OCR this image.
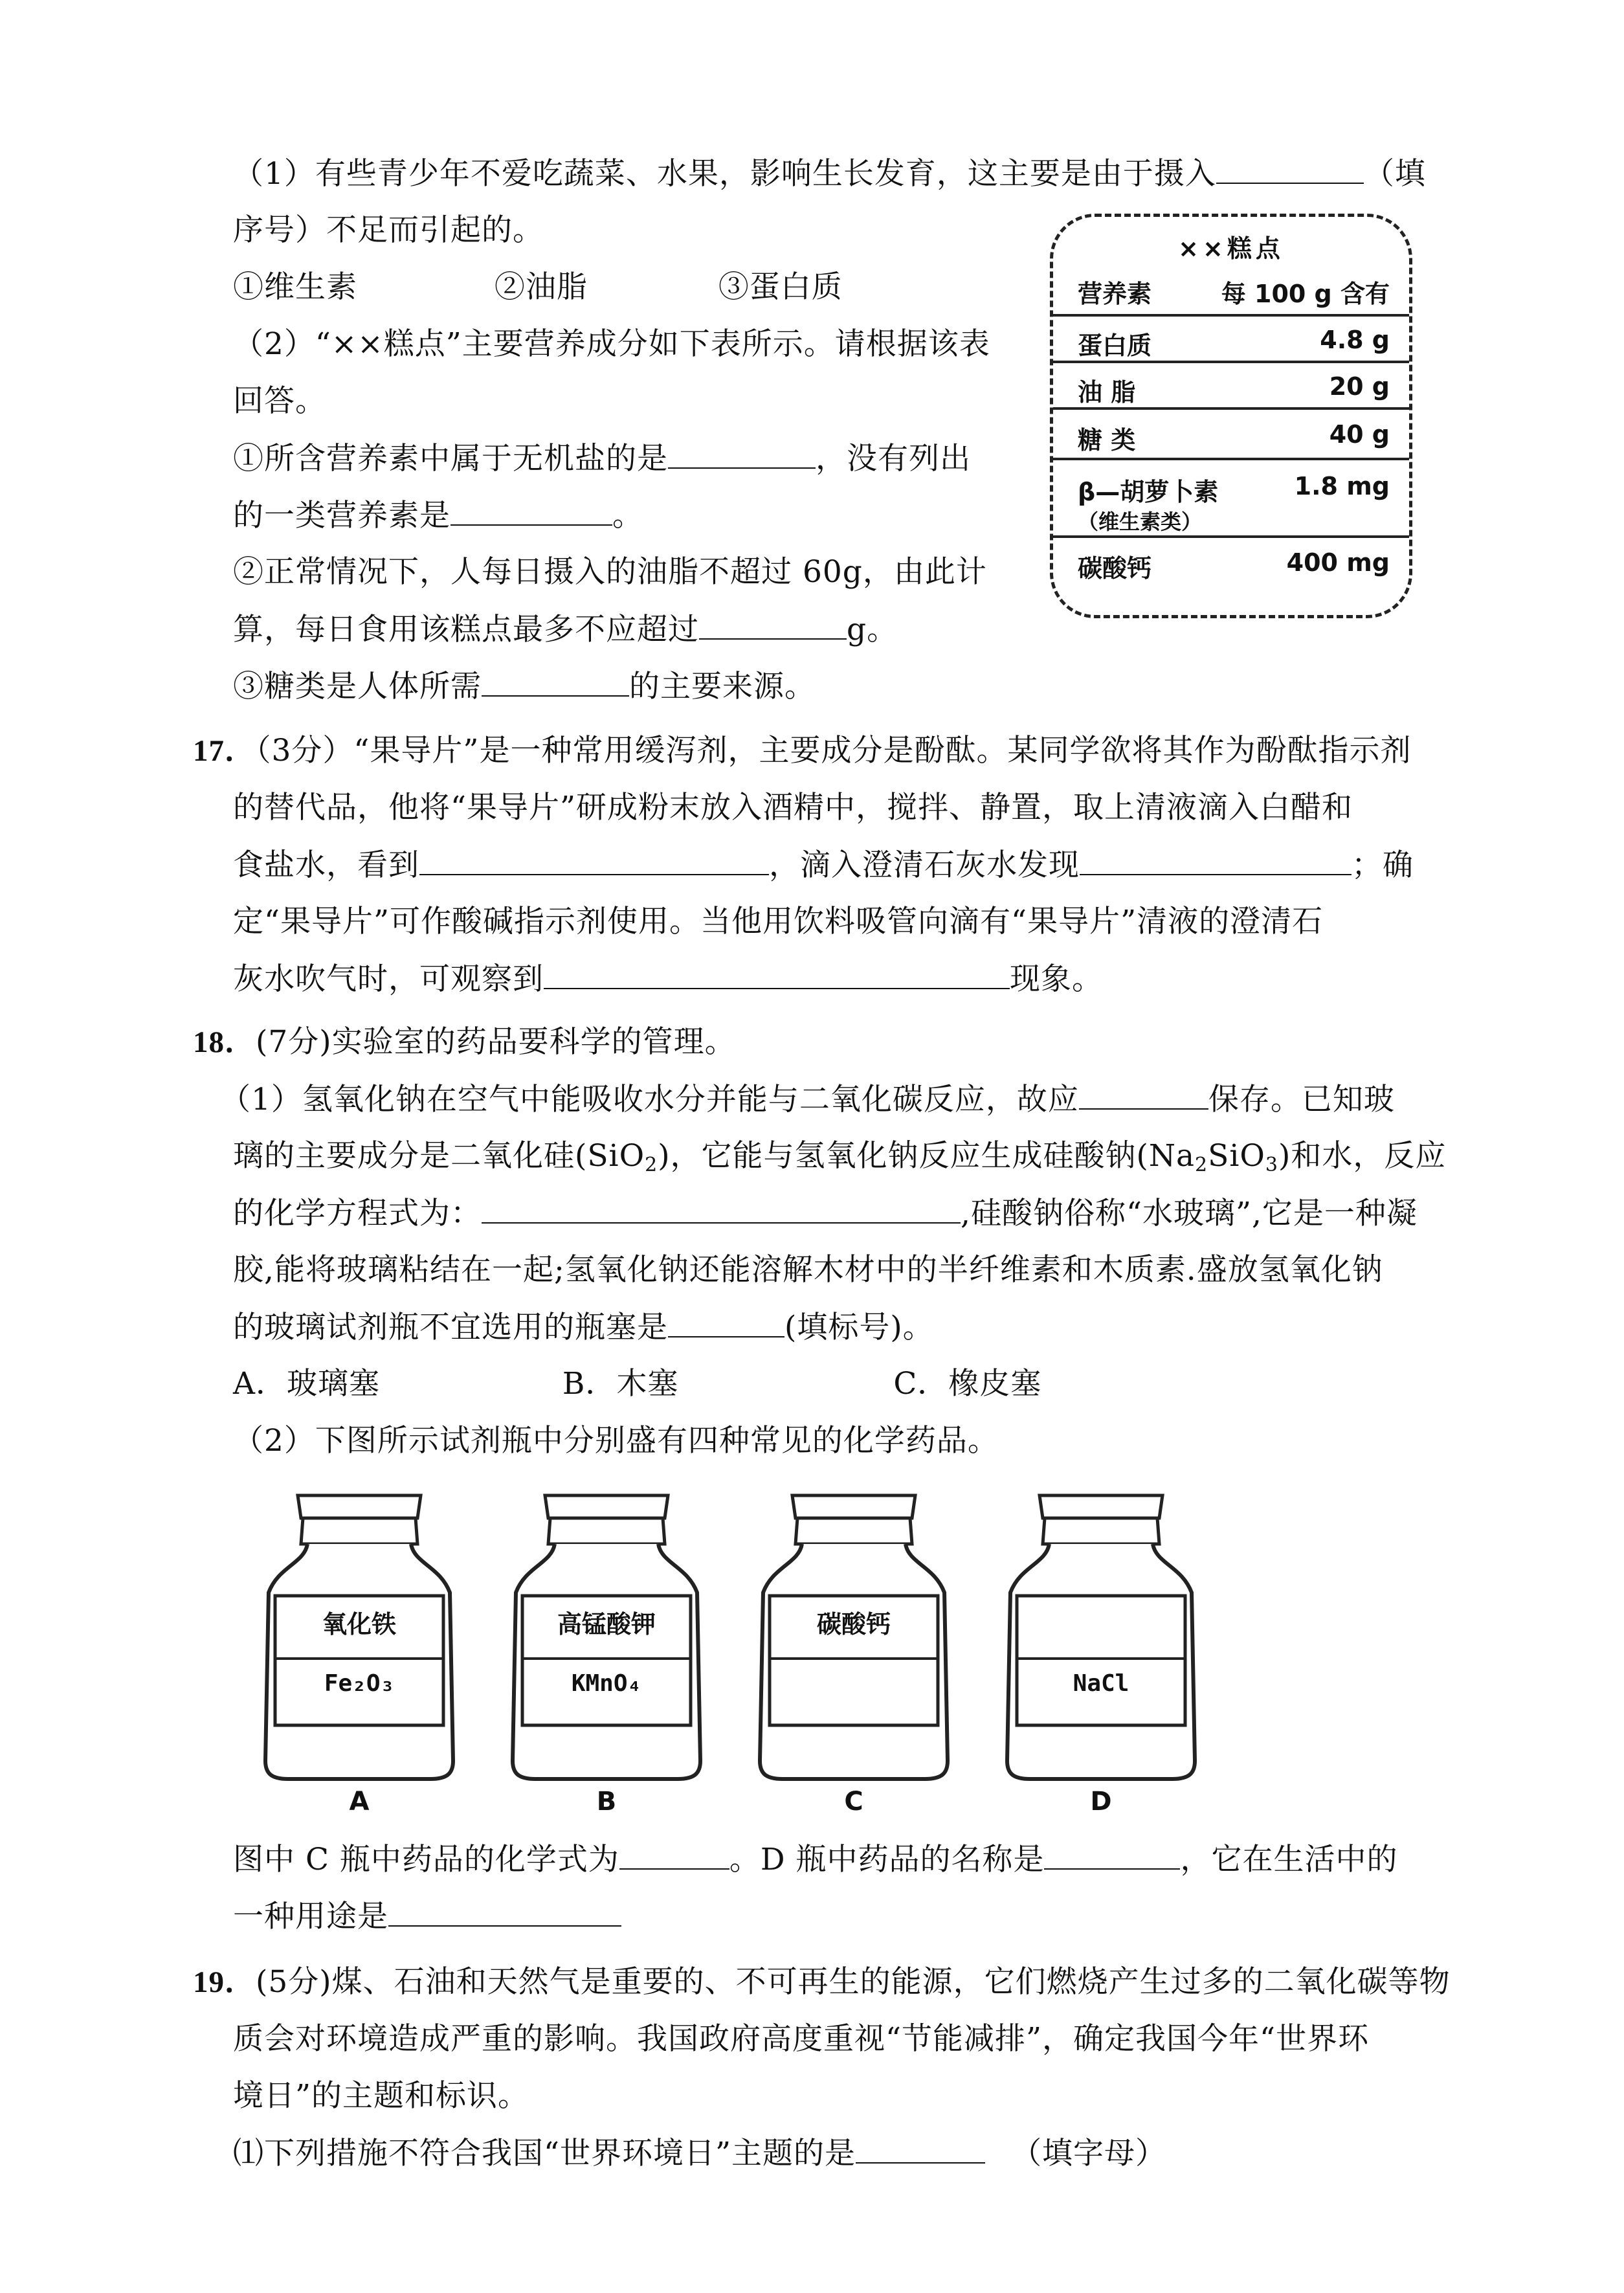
（1）有些青少年不爱吃蔬菜、水果，影响生长发育，这主要是由于摄入	（填
序号）不足而引起的。
①维生素	②油脂	③蛋白质
（2）“××糕点”主要营养成分如下表所示。请根据该表
回答。
①所含营养素中属于无机盐的是	，没有列出
的一类营养素是	。
②正常情况下，人每日摄入的油脂不超过 60g，由此计
算，每日食用该糕点最多不应超过	g。
③糖类是人体所需	的主要来源。
××糕点
营养素	每 100 g 含有
蛋白质	4.8 g
油 脂	20 g
糖 类	40 g
β—胡萝卜素	1.8 mg
（维生素类）
碳酸钙	400 mg
17．（3分）“果导片”是一种常用缓泻剂，主要成分是酚酞。某同学欲将其作为酚酞指示剂
的替代品，他将“果导片”研成粉末放入酒精中，搅拌、静置，取上清液滴入白醋和
食盐水，看到	，滴入澄清石灰水发现	；确
定“果导片”可作酸碱指示剂使用。当他用饮料吸管向滴有“果导片”清液的澄清石
灰水吹气时，可观察到	现象。
18．(7分)实验室的药品要科学的管理。
（1）氢氧化钠在空气中能吸收水分并能与二氧化碳反应，故应	保存。已知玻
璃的主要成分是二氧化硅(SiO$_2$)，它能与氢氧化钠反应生成硅酸钠$(Na_2SiO_3)$和水，反应
的化学方程式为：	,硅酸钠俗称“水玻璃”,它是一种凝
胶,能将玻璃粘结在一起;氢氧化钠还能溶解木材中的半纤维素和木质素.盛放氢氧化钠
的玻璃试剂瓶不宜选用的瓶塞是	(填标号)。
A．玻璃塞	B．木塞	C．橡皮塞
（2）下图所示试剂瓶中分别盛有四种常见的化学药品。
氧化铁
Fe₂O₃
A
高锰酸钾
KMnO₄
B
碳酸钙
C
NaCl
D
图中 C 瓶中药品的化学式为	。D 瓶中药品的名称是	，它在生活中的
一种用途是
19．(5分)煤、石油和天然气是重要的、不可再生的能源，它们燃烧产生过多的二氧化碳等物
质会对环境造成严重的影响。我国政府高度重视“节能减排”，确定我国今年“世界环
境日”的主题和标识。
⑴下列措施不符合我国“世界环境日”主题的是	（填字母）
